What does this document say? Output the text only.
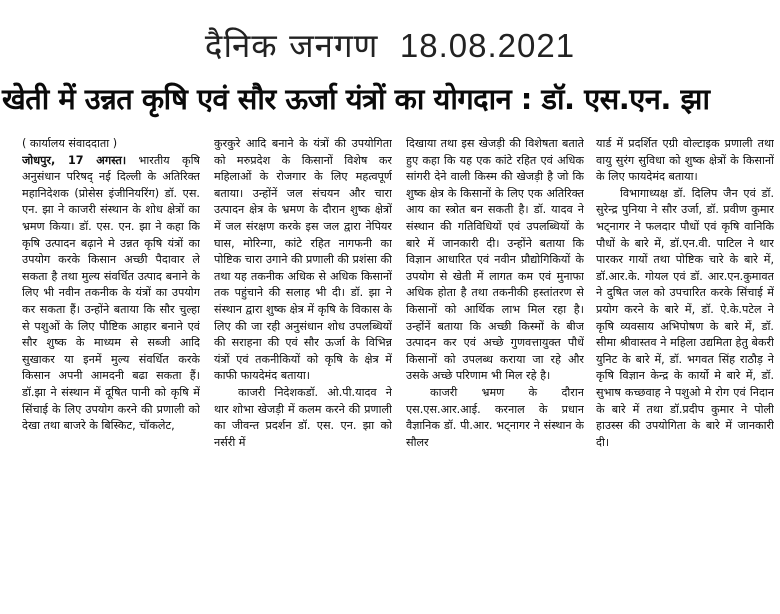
दैनिक जनगण 18.08.2021
खेती में उन्नत कृषि एवं सौर ऊर्जा यंत्रों का योगदान : डॉ. एस.एन. झा
( कार्यालय संवाददाता )

जोधपुर, 17 अगस्त। भारतीय कृषि अनुसंधान परिषद् नई दिल्ली के अतिरिक्त महानिदेशक (प्रोसेस इंजीनियरिंग) डॉ. एस. एन. झा ने काजरी संस्थान के शोध क्षेत्रों का भ्रमण किया। डॉ. एस. एन. झा ने कहा कि कृषि उत्पादन बढ़ाने मे उन्नत कृषि यंत्रों का उपयोग करके किसान अच्छी पैदावार ले सकता है तथा मुल्य संवर्धित उत्पाद बनाने के लिए भी नवीन तकनीक के यंत्रों का उपयोग कर सकता हैं। उन्होंने बताया कि सौर चुल्हा से पशुओं के लिए पौष्टिक आहार बनाने एवं सौर शुष्क के माध्यम से सब्जी आदि सुखाकर या इनमें मुल्य संवर्धित करके किसान अपनी आमदनी बढा सकता हैं। डॉ.झा ने संस्थान में दूषित पानी को कृषि में सिंचाई के लिए उपयोग करने की प्रणाली को देखा तथा बाजरे के बिस्किट, चॉकलेट,

कुरकुरे आदि बनाने के यंत्रों की उपयोगिता को मरुप्रदेश के किसानों विशेष कर महिलाओं के रोजगार के लिए महत्वपूर्ण बताया। उन्होंनें जल संचयन और चारा उत्पादन क्षेत्र के भ्रमण के दौरान शुष्क क्षेत्रों में जल संरक्षण करके इस जल द्वारा नेपियर घास, मोरिन्गा, कांटे रहित नागफनी का पोष्टिक चारा उगाने की प्रणाली की प्रशंसा की तथा यह तकनीक अधिक से अधिक किसानों तक पहुंचाने की सलाह भी दी। डॉ. झा ने संस्थान द्वारा शुष्क क्षेत्र में कृषि के विकास के लिए की जा रही अनुसंधान शोध उपलब्धियों की सराहना की एवं सौर ऊर्जा के विभिन्न यंत्रों एवं तकनीकियों को कृषि के क्षेत्र में काफी फायदेमंद बताया।

काजरी निदेशकडॉ. ओ.पी.यादव ने थार शोभा खेजड़ी में कलम करने की प्रणाली का जीवन्त प्रदर्शन डॉ. एस. एन. झा को नर्सरी में

दिखाया तथा इस खेजड़ी की विशेषता बताते हुए कहा कि यह एक कांटे रहित एवं अधिक सांगरी देने वाली किस्म की खेजड़ी है जो कि शुष्क क्षेत्र के किसानों के लिए एक अतिरिक्त आय का स्त्रोत बन सकती है। डॉ. यादव ने संस्थान की गतिविधियों एवं उपलब्धियों के बारे में जानकारी दी। उन्होंने बताया कि विज्ञान आधारित एवं नवीन प्रौद्योगिकियों के उपयोग से खेती में लागत कम एवं मुनाफा अधिक होता है तथा तकनीकी हस्तांतरण से किसानों को आर्थिक लाभ मिल रहा है। उन्होंनें बताया कि अच्छी किस्मों के बीज उत्पादन कर एवं अच्छे गुणवत्तायुक्त पौधें किसानों को उपलब्ध कराया जा रहे और उसके अच्छे परिणाम भी मिल रहे है।

काजरी भ्रमण के दौरान एस.एस.आर.आई. करनाल के प्रधान वैज्ञानिक डॉ. पी.आर. भट्नागर ने संस्थान के सौलर

यार्ड में प्रदर्शित एग्री वोल्टाइक प्रणाली तथा वायु सुरंग सुविधा को शुष्क क्षेत्रों के किसानों के लिए फायदेमंद बताया।

विभागाध्यक्ष डॉ. दिलिप जैन एवं डॉ. सुरेन्द्र पुनिया ने सौर उर्जा, डॉ. प्रवीण कुमार भट्नागर ने फलदार पौधों एवं कृषि वानिकि पौधों के बारे में, डॉ.एन.वी. पाटिल ने थार पारकर गायों तथा पोष्टिक चारे के बारे में, डॉ.आर.के. गोयल एवं डॉ. आर.एन.कुमावत ने दुषित जल को उपचारित करके सिंचाई में प्रयोग करने के बारे में, डॉ. ऐ.के.पटेल ने कृषि व्यवसाय अभिपोषण के बारे में, डॉ. सीमा श्रीवास्तव ने महिला उद्यमिता हेतु बेकरी युनिट के बारे में, डॉ. भगवत सिंह राठौड़ ने कृषि विज्ञान केन्द्र के कार्यो मे बारे में, डॉ. सुभाष कच्छवाह ने पशुओ मे रोग एवं निदान के बारे में तथा डॉ.प्रदीप कुमार ने पोली हाउस्स की उपयोगिता के बारे में जानकारी दी।
